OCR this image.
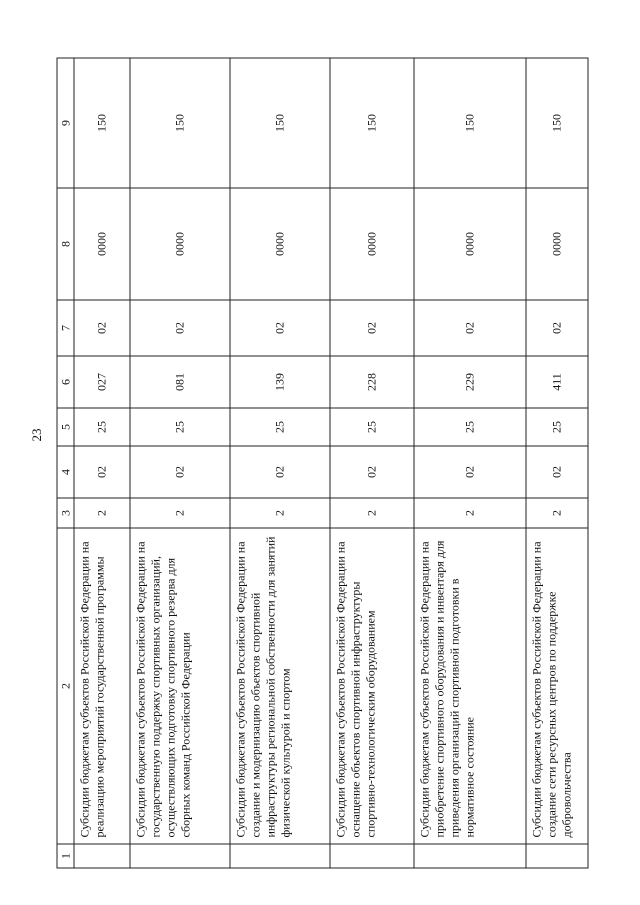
23
1	2	3	4	5	6	7	8	9
	Субсидии бюджетам субъектов Российской Федерации на реализацию мероприятий государственной программы	2	02	25	027	02	0000	150
	Субсидии бюджетам субъектов Российской Федерации на государственную поддержку спортивных организаций, осуществляющих подготовку спортивного резерва для сборных команд Российской Федерации	2	02	25	081	02	0000	150
	Субсидии бюджетам субъектов Российской Федерации на создание и модернизацию объектов спортивной инфраструктуры региональной собственности для занятий физической культурой и спортом	2	02	25	139	02	0000	150
	Субсидии бюджетам субъектов Российской Федерации на оснащение объектов спортивной инфраструктуры спортивно-технологическим оборудованием	2	02	25	228	02	0000	150
	Субсидии бюджетам субъектов Российской Федерации на приобретение спортивного оборудования и инвентаря для приведения организаций спортивной подготовки в нормативное состояние	2	02	25	229	02	0000	150
	Субсидии бюджетам субъектов Российской Федерации на создание сети ресурсных центров по поддержке добровольчества	2	02	25	411	02	0000	150
